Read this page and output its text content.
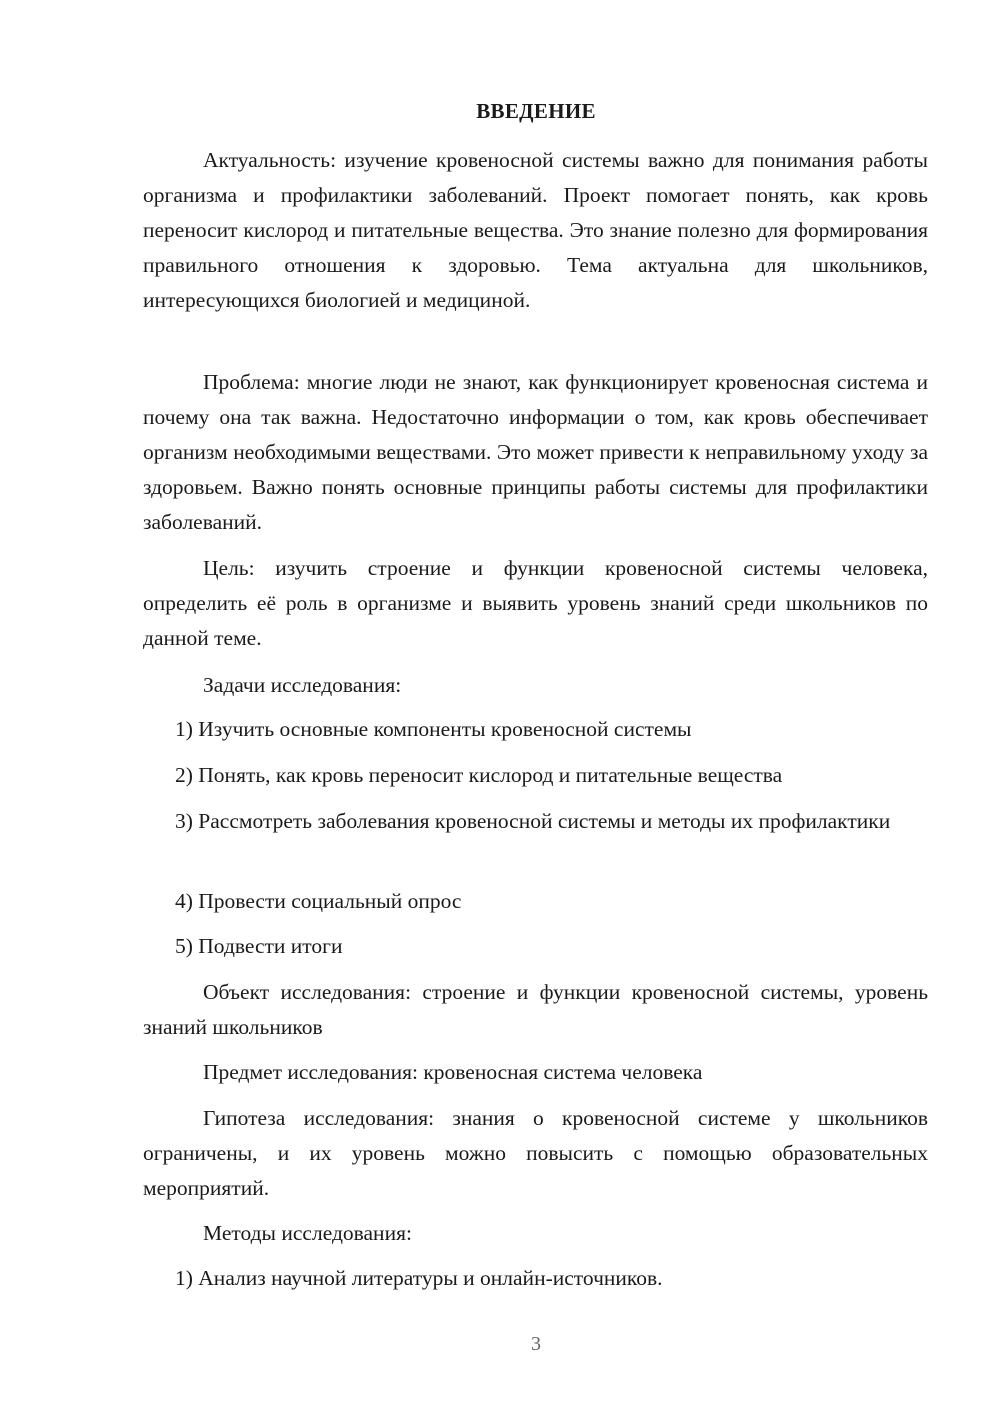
ВВЕДЕНИЕ

Актуальность: изучение кровеносной системы важно для понимания работы организма и профилактики заболеваний. Проект помогает понять, как кровь переносит кислород и питательные вещества. Это знание полезно для формирования правильного отношения к здоровью. Тема актуальна для школьников, интересующихся биологией и медициной.

Проблема: многие люди не знают, как функционирует кровеносная система и почему она так важна. Недостаточно информации о том, как кровь обеспечивает организм необходимыми веществами. Это может привести к неправильному уходу за здоровьем. Важно понять основные принципы работы системы для профилактики заболеваний.

Цель: изучить строение и функции кровеносной системы человека, определить её роль в организме и выявить уровень знаний среди школьников по данной теме.

Задачи исследования:

1) Изучить основные компоненты кровеносной системы

2) Понять, как кровь переносит кислород и питательные вещества

3) Рассмотреть заболевания кровеносной системы и методы их профилактики

4) Провести социальный опрос

5) Подвести итоги

Объект исследования: строение и функции кровеносной системы, уровень знаний школьников

Предмет исследования: кровеносная система человека

Гипотеза исследования: знания о кровеносной системе у школьников ограничены, и их уровень можно повысить с помощью образовательных мероприятий.

Методы исследования:

1) Анализ научной литературы и онлайн-источников.

3
